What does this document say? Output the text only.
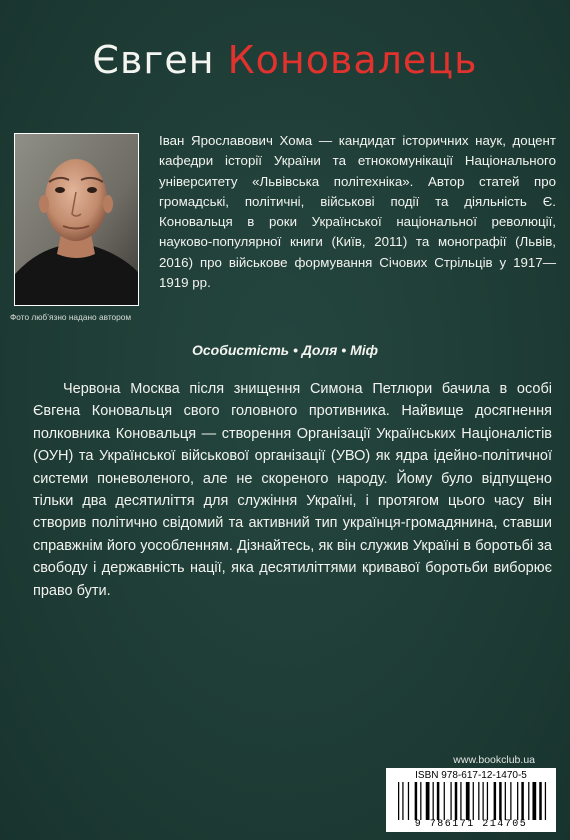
Євген Коновалець
Фото люб’язно надано автором
Іван Ярославович Хома — кандидат історичних наук, доцент кафедри історії України та етнокомунікації Національного університету «Львівська політехніка». Автор статей про громадські, політичні, військові події та діяльність Є. Коновальця в роки Української національної революції, науково-популярної книги (Київ, 2011) та монографії (Львів, 2016) про військове формування Січових Стрільців у 1917—1919 рр.
Особистість • Доля • Міф
Червона Москва після знищення Симона Петлюри бачила в особі Євгена Коновальця свого головного противника. Найвище досягнення полковника Коновальця — створення Організації Українських Націоналістів (ОУН) та Української військової організації (УВО) як ядра ідейно-політичної системи поневоленого, але не скореного народу. Йому було відпущено тільки два десятиліття для служіння Україні, і протягом цього часу він створив політично свідомий та активний тип українця-громадянина, ставши справжнім його уособленням. Дізнайтесь, як він служив Україні в боротьбі за свободу і державність нації, яка десятиліттями кривавої боротьби виборює право бути.
www.bookclub.ua
ISBN 978-617-12-1470-5
9 786171 214705
